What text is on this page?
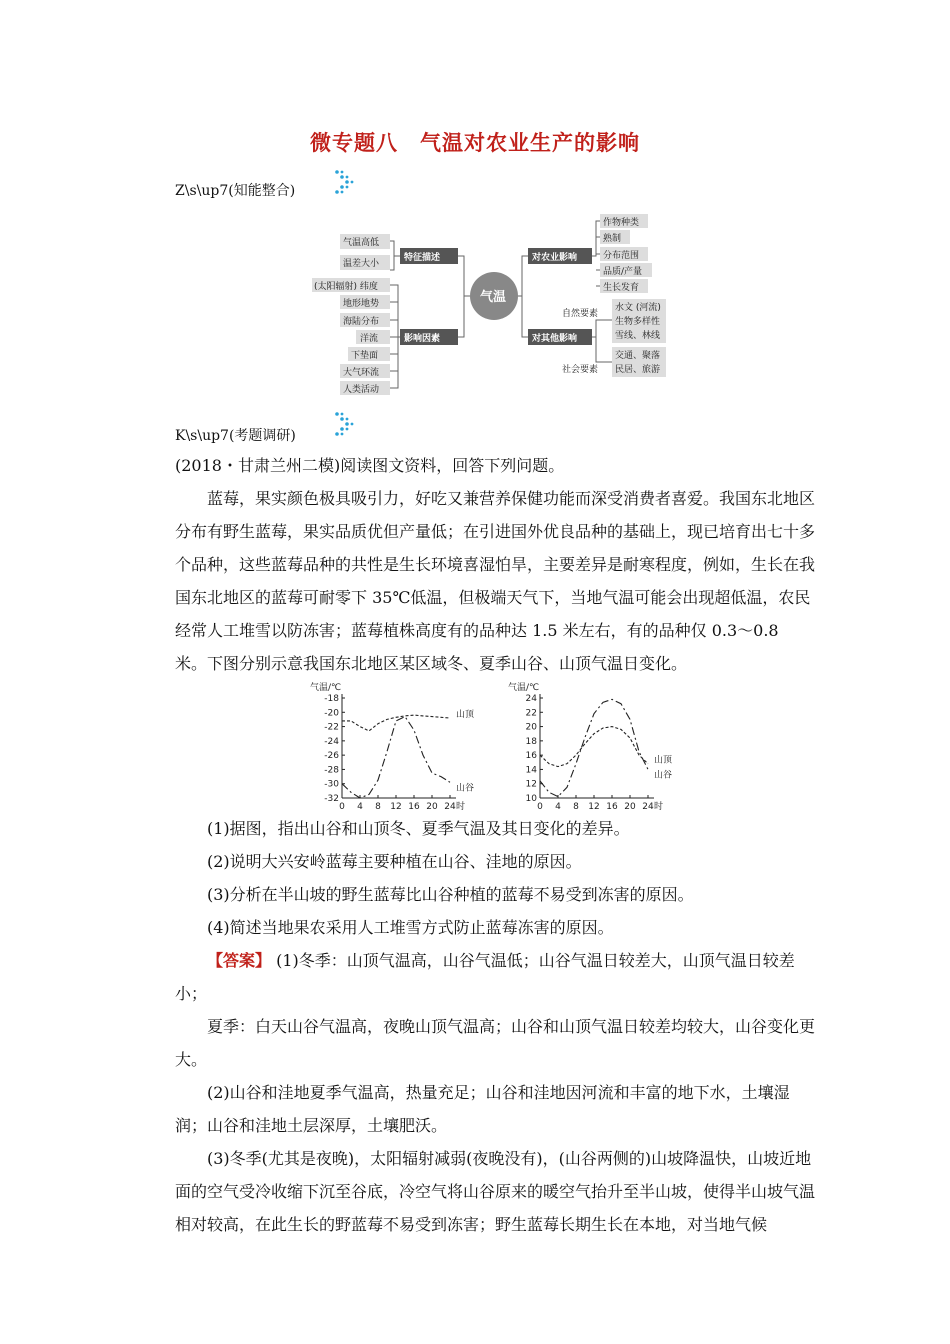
微专题八　气温对农业生产的影响
Z\s\up7(知能整合)
气温高低
温差大小
特征描述
(太阳辐射) 纬度
地形地势
海陆分布
洋流
下垫面
大气环流
人类活动
影响因素
气温
对农业影响
作物种类
熟制
分布范围
品质/产量
生长发育
对其他影响
自然要素
社会要素
水文 (河流)
生物多样性
雪线、林线
交通、聚落
民居、旅游
K\s\up7(考题调研)

(2018・甘肃兰州二模)阅读图文资料，回答下列问题。

蓝莓，果实颜色极具吸引力，好吃又兼营养保健功能而深受消费者喜爱。我国东北地区分布有野生蓝莓，果实品质优但产量低；在引进国外优良品种的基础上，现已培育出七十多个品种，这些蓝莓品种的共性是生长环境喜湿怕旱，主要差异是耐寒程度，例如，生长在我国东北地区的蓝莓可耐零下 35℃低温，但极端天气下，当地气温可能会出现超低温，农民经常人工堆雪以防冻害；蓝莓植株高度有的品种达 1.5 米左右，有的品种仅 0.3～0.8 米。下图分别示意我国东北地区某区域冬、夏季山谷、山顶气温日变化。

气温/℃
-18
-20
-22
-24
-26
-28
-30
-32
0 4 8 12 16 20 24 时
山顶
山谷
气温/℃
24
22
20
18
16
14
12
10
0 4 8 12 16 20 24 时
山顶
山谷

(1)据图，指出山谷和山顶冬、夏季气温及其日变化的差异。

(2)说明大兴安岭蓝莓主要种植在山谷、洼地的原因。

(3)分析在半山坡的野生蓝莓比山谷种植的蓝莓不易受到冻害的原因。

(4)简述当地果农采用人工堆雪方式防止蓝莓冻害的原因。

【答案】 (1)冬季：山顶气温高，山谷气温低；山谷气温日较差大，山顶气温日较差小；

夏季：白天山谷气温高，夜晚山顶气温高；山谷和山顶气温日较差均较大，山谷变化更大。

(2)山谷和洼地夏季气温高，热量充足；山谷和洼地因河流和丰富的地下水，土壤湿润；山谷和洼地土层深厚，土壤肥沃。

(3)冬季(尤其是夜晚)，太阳辐射减弱(夜晚没有)，(山谷两侧的)山坡降温快，山坡近地面的空气受冷收缩下沉至谷底，冷空气将山谷原来的暖空气抬升至半山坡，使得半山坡气温相对较高，在此生长的野蓝莓不易受到冻害；野生蓝莓长期生长在本地，对当地气候
